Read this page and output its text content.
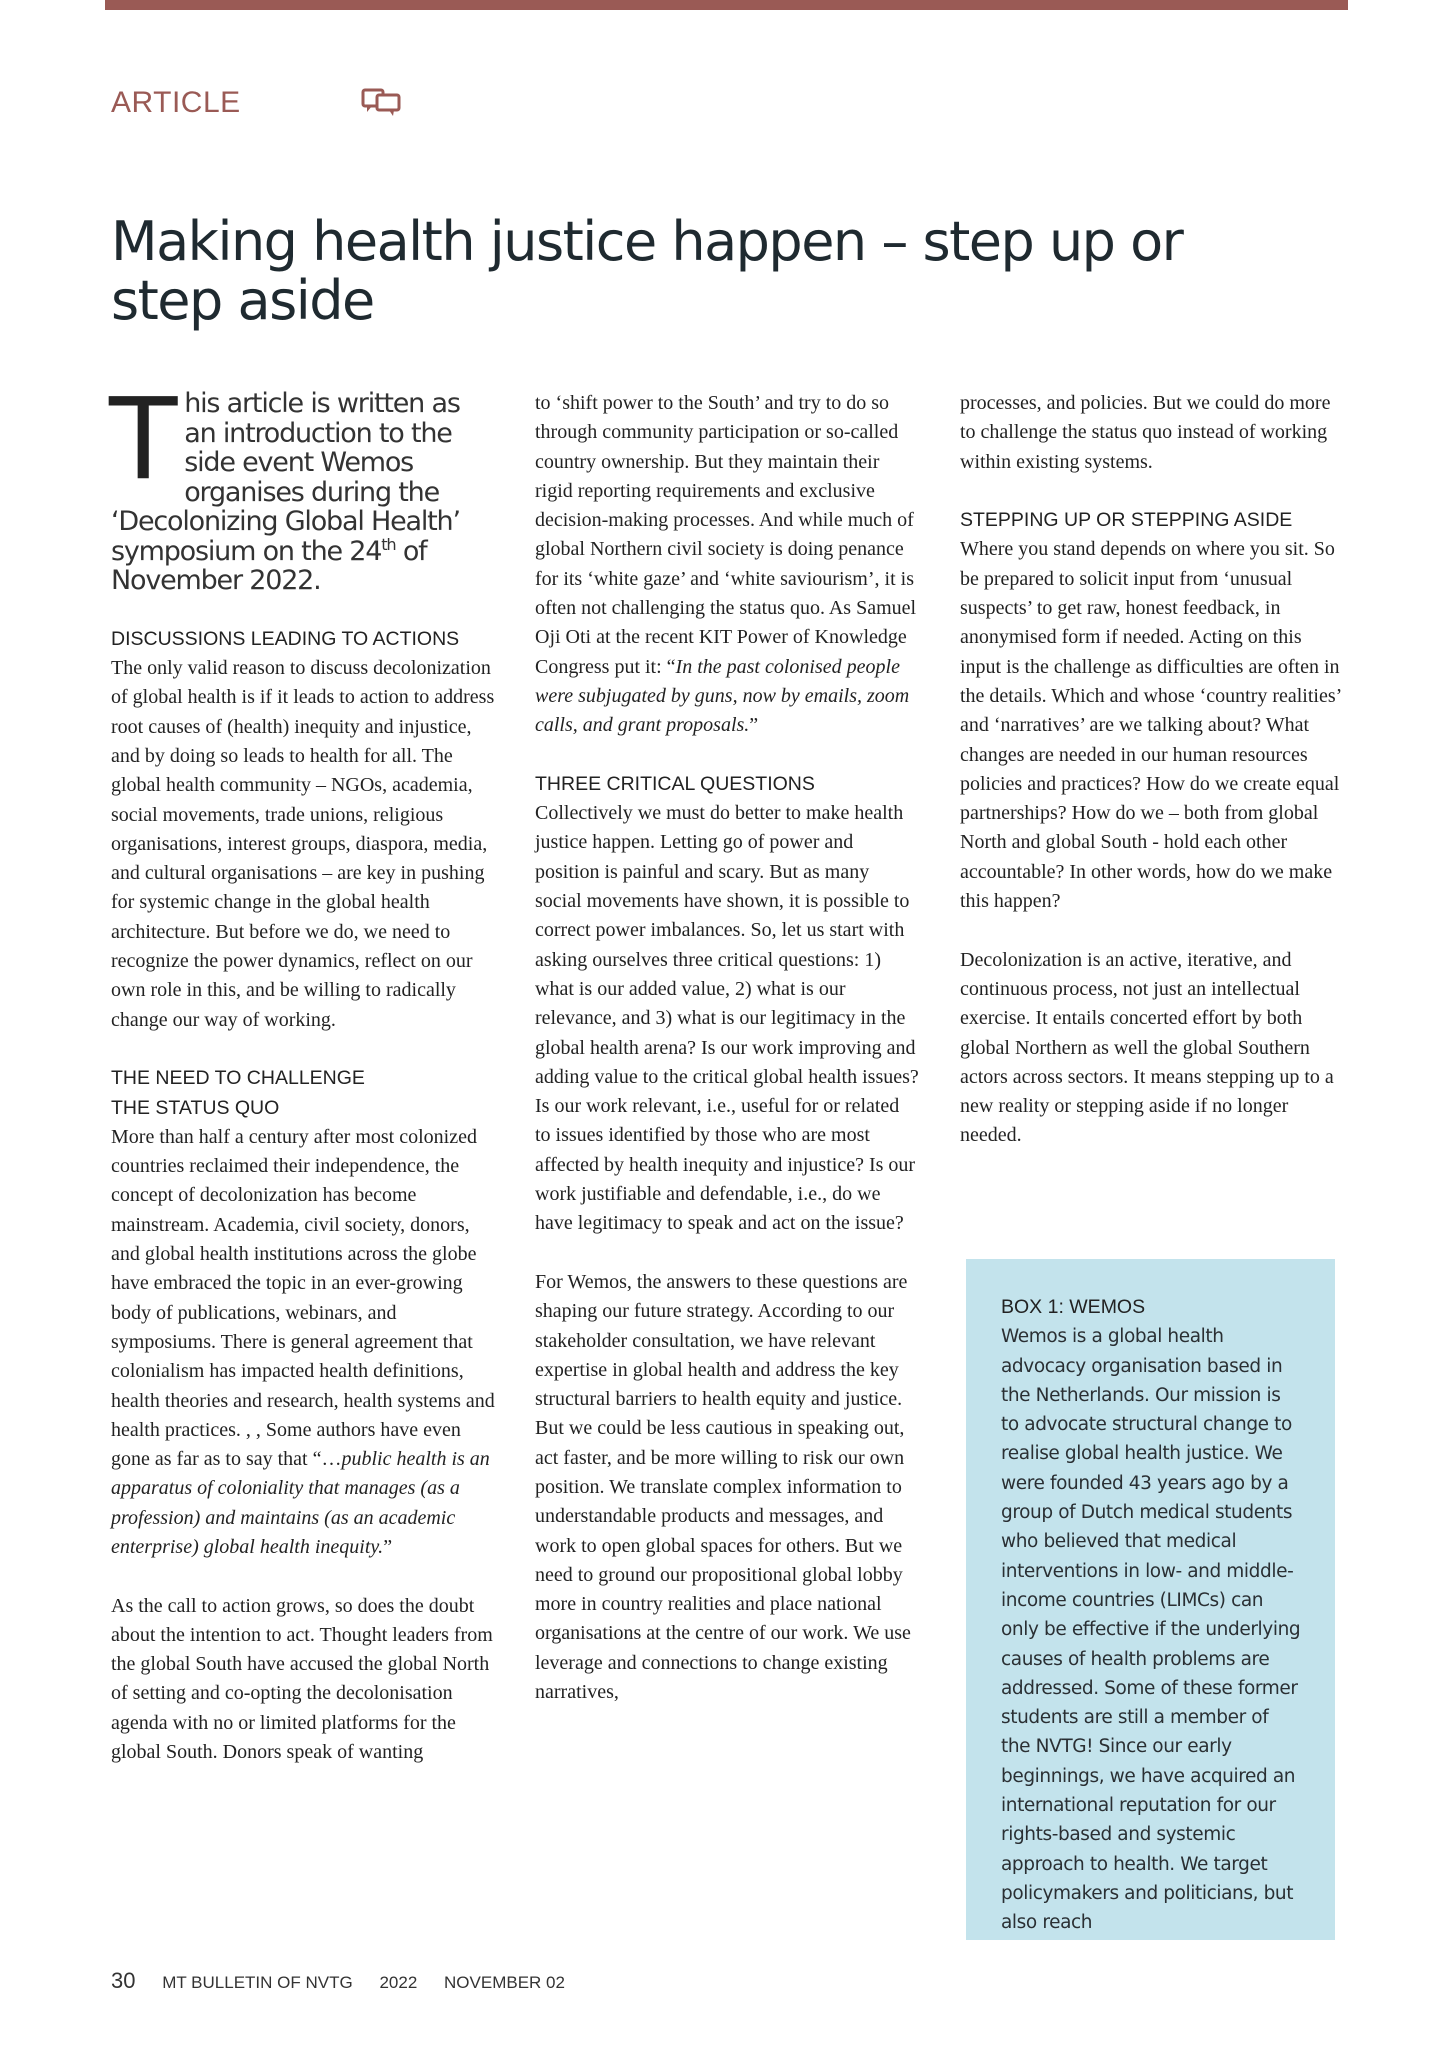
ARTICLE
Making health justice happen – step up or step aside
This article is written as an introduction to the side event Wemos organises during the ‘Decolonizing Global Health’ symposium on the 24th of November 2022.
DISCUSSIONS LEADING TO ACTIONS

The only valid reason to discuss decolonization of global health is if it leads to action to address root causes of (health) inequity and injustice, and by doing so leads to health for all. The global health community – NGOs, academia, social movements, trade unions, religious organisations, interest groups, diaspora, media, and cultural organisations – are key in pushing for systemic change in the global health architecture. But before we do, we need to recognize the power dynamics, reflect on our own role in this, and be willing to radically change our way of working.

THE NEED TO CHALLENGE
THE STATUS QUO

More than half a century after most colonized countries reclaimed their independence, the concept of decolonization has become mainstream. Academia, civil society, donors, and global health institutions across the globe have embraced the topic in an ever-growing body of publications, webinars, and symposiums. There is general agreement that colonialism has impacted health definitions, health theories and research, health systems and health practices. , , Some authors have even gone as far as to say that “…public health is an apparatus of coloniality that manages (as a profession) and maintains (as an academic enterprise) global health inequity.”

As the call to action grows, so does the doubt about the intention to act. Thought leaders from the global South have accused the global North of setting and co-opting the decolonisation agenda with no or limited platforms for the global South. Donors speak of wanting

to ‘shift power to the South’ and try to do so through community participation or so-called country ownership. But they maintain their rigid reporting requirements and exclusive decision-making processes. And while much of global Northern civil society is doing penance for its ‘white gaze’ and ‘white saviourism’, it is often not challenging the status quo. As Samuel Oji Oti at the recent KIT Power of Knowledge Congress put it: “In the past colonised people were subjugated by guns, now by emails, zoom calls, and grant proposals.”

THREE CRITICAL QUESTIONS

Collectively we must do better to make health justice happen. Letting go of power and position is painful and scary. But as many social movements have shown, it is possible to correct power imbalances. So, let us start with asking ourselves three critical questions: 1) what is our added value, 2) what is our relevance, and 3) what is our legitimacy in the global health arena? Is our work improving and adding value to the critical global health issues? Is our work relevant, i.e., useful for or related to issues identified by those who are most affected by health inequity and injustice? Is our work justifiable and defendable, i.e., do we have legitimacy to speak and act on the issue?

For Wemos, the answers to these questions are shaping our future strategy. According to our stakeholder consultation, we have relevant expertise in global health and address the key structural barriers to health equity and justice. But we could be less cautious in speaking out, act faster, and be more willing to risk our own position. We translate complex information to understandable products and messages, and work to open global spaces for others. But we need to ground our propositional global lobby more in country realities and place national organisations at the centre of our work. We use leverage and connections to change existing narratives,

processes, and policies. But we could do more to challenge the status quo instead of working within existing systems.

STEPPING UP OR STEPPING ASIDE

Where you stand depends on where you sit. So be prepared to solicit input from ‘unusual suspects’ to get raw, honest feedback, in anonymised form if needed. Acting on this input is the challenge as difficulties are often in the details. Which and whose ‘country realities’ and ‘narratives’ are we talking about? What changes are needed in our human resources policies and practices? How do we create equal partnerships? How do we – both from global North and global South - hold each other accountable? In other words, how do we make this happen?

Decolonization is an active, iterative, and continuous process, not just an intellectual exercise. It entails concerted effort by both global Northern as well the global Southern actors across sectors. It means stepping up to a new reality or stepping aside if no longer needed.

BOX 1: WEMOS

Wemos is a global health advocacy organisation based in the Netherlands. Our mission is to advocate structural change to realise global health justice. We were founded 43 years ago by a group of Dutch medical students who believed that medical interventions in low- and middle-income countries (LIMCs) can only be effective if the underlying causes of health problems are addressed. Some of these former students are still a member of the NVTG! Since our early beginnings, we have acquired an international reputation for our rights-based and systemic approach to health. We target policymakers and politicians, but also reach

30 MT BULLETIN OF NVTG 2022 NOVEMBER 02
